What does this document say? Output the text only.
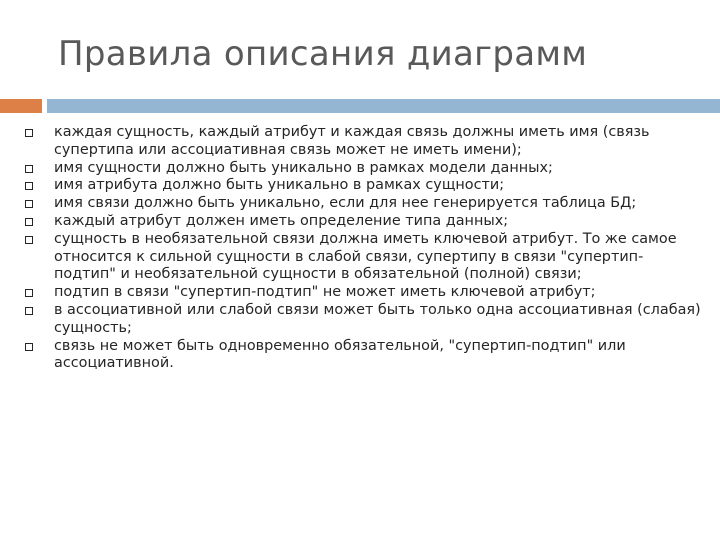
Правила описания диаграмм
каждая сущность, каждый атрибут и каждая связь должны иметь имя (связь супертипа или ассоциативная связь может не иметь имени);
имя сущности должно быть уникально в рамках модели данных;
имя атрибута должно быть уникально в рамках сущности;
имя связи должно быть уникально, если для нее генерируется таблица БД;
каждый атрибут должен иметь определение типа данных;
сущность в необязательной связи должна иметь ключевой атрибут. То же самое относится к сильной сущности в слабой связи, супертипу в связи "супертип-подтип" и необязательной сущности в обязательной (полной) связи;
подтип в связи "супертип-подтип" не может иметь ключевой атрибут;
в ассоциативной или слабой связи может быть только одна ассоциативная (слабая) сущность;
связь не может быть одновременно обязательной, "супертип-подтип" или ассоциативной.
